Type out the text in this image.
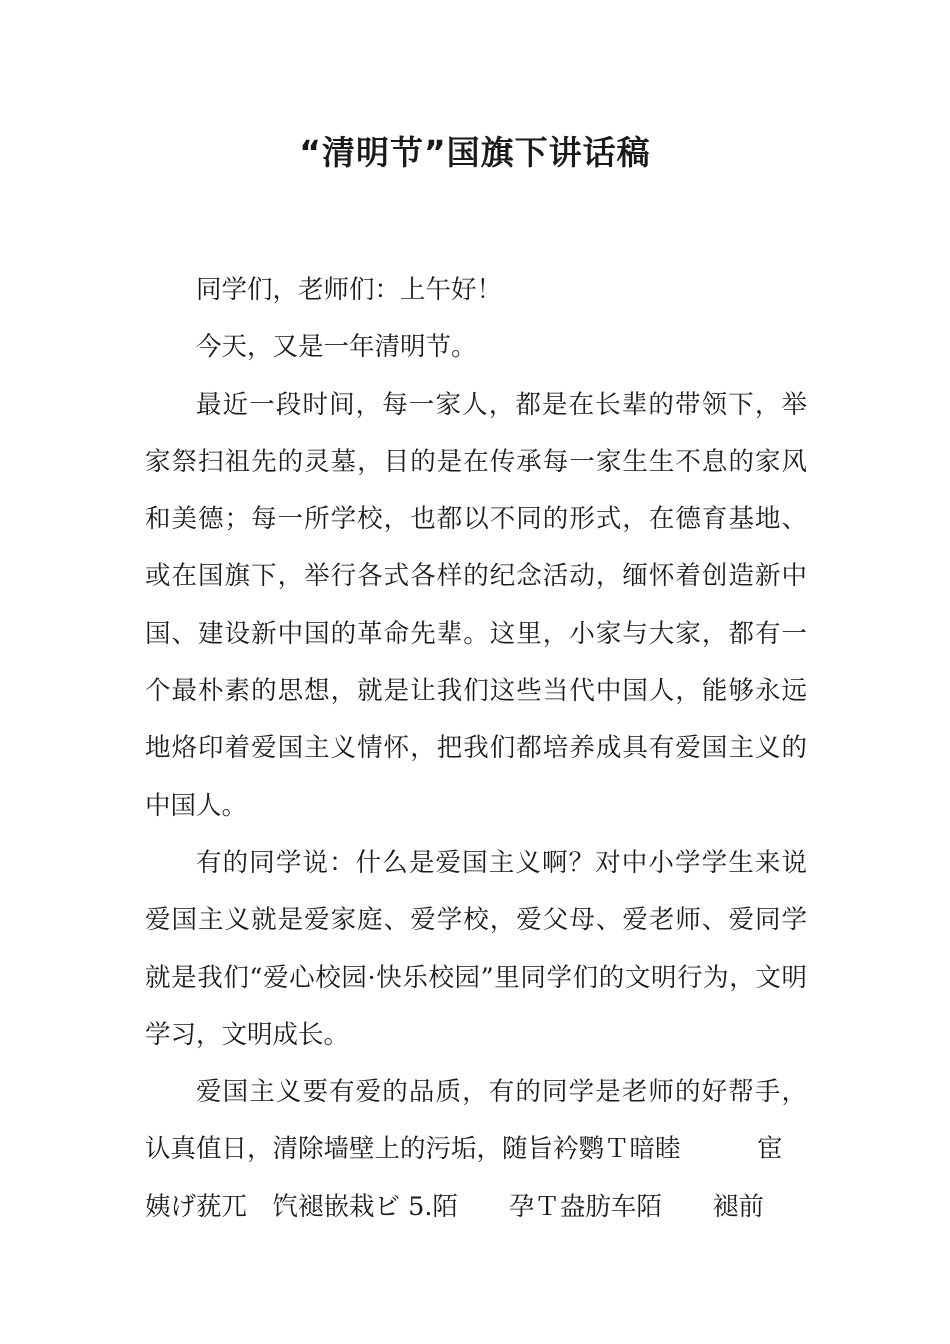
“清明节”国旗下讲话稿

同学们，老师们：上午好！

今天，又是一年清明节。

最近一段时间，每一家人，都是在长辈的带领下，举家祭扫祖先的灵墓，目的是在传承每一家生生不息的家风和美德；每一所学校，也都以不同的形式，在德育基地、或在国旗下，举行各式各样的纪念活动，缅怀着创造新中国、建设新中国的革命先辈。这里，小家与大家，都有一个最朴素的思想，就是让我们这些当代中国人，能够永远地烙印着爱国主义情怀，把我们都培养成具有爱国主义的中国人。

有的同学说：什么是爱国主义啊？对中小学学生来说爱国主义就是爱家庭、爱学校，爱父母、爱老师、爱同学就是我们“爱心校园·快乐校园”里同学们的文明行为，文明学习，文明成长。

爱国主义要有爱的品质，有的同学是老师的好帮手，认真值日，清除墙壁上的污垢，随旨衿鹦Ｔ暗睦　　　宦

姨げ莸兀　饩褪嵌栽ビ 5.陌　　孕Ｔ盎肪车陌　　褪前
